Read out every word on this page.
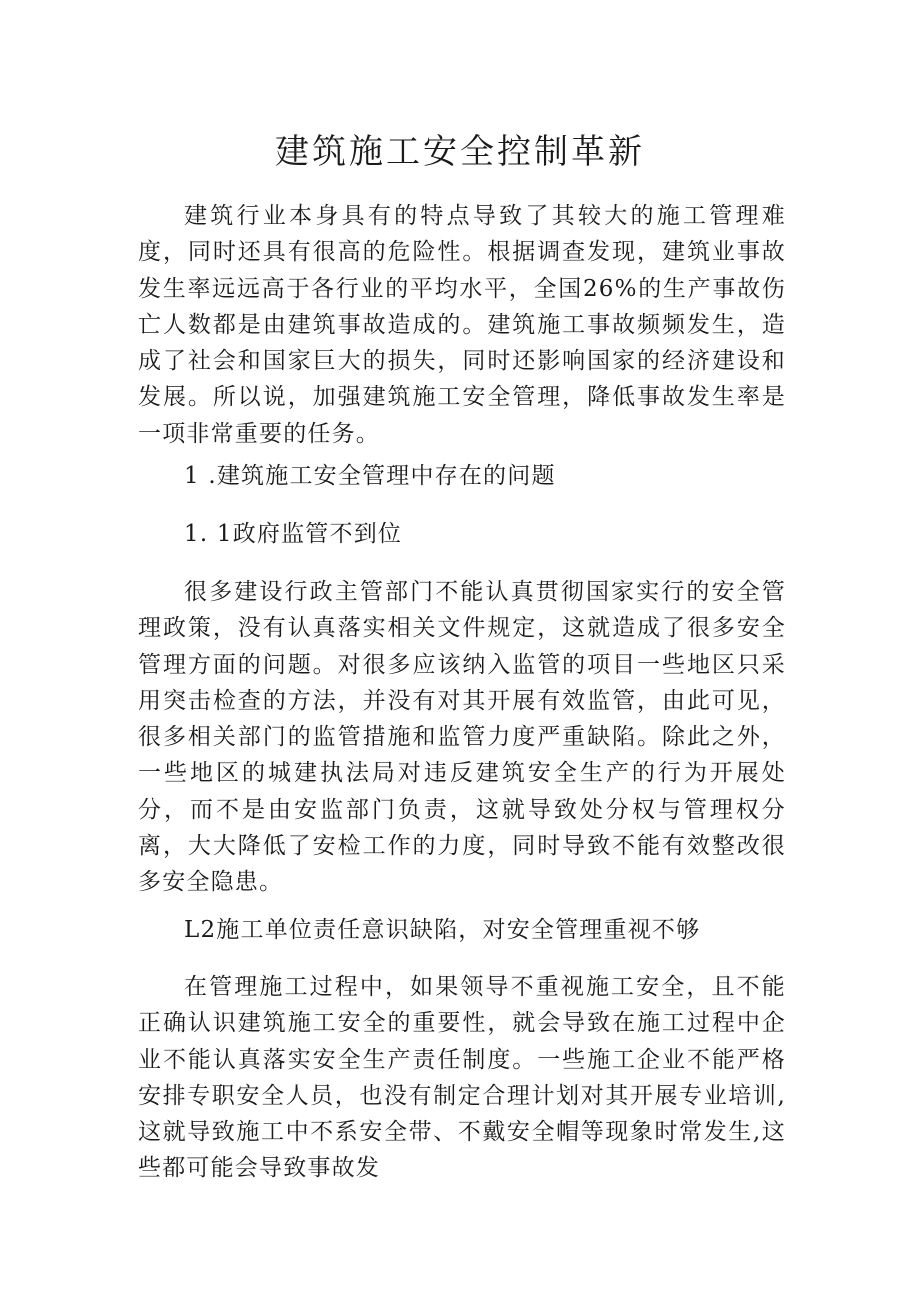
建筑施工安全控制革新

建筑行业本身具有的特点导致了其较大的施工管理难度，同时还具有很高的危险性。根据调查发现，建筑业事故发生率远远高于各行业的平均水平，全国26%的生产事故伤亡人数都是由建筑事故造成的。建筑施工事故频频发生，造成了社会和国家巨大的损失，同时还影响国家的经济建设和发展。所以说，加强建筑施工安全管理，降低事故发生率是一项非常重要的任务。

1 .建筑施工安全管理中存在的问题
1. 1政府监管不到位

很多建设行政主管部门不能认真贯彻国家实行的安全管理政策，没有认真落实相关文件规定，这就造成了很多安全管理方面的问题。对很多应该纳入监管的项目一些地区只采用突击检查的方法，并没有对其开展有效监管，由此可见，很多相关部门的监管措施和监管力度严重缺陷。除此之外，一些地区的城建执法局对违反建筑安全生产的行为开展处分，而不是由安监部门负责，这就导致处分权与管理权分离，大大降低了安检工作的力度，同时导致不能有效整改很多安全隐患。

L2施工单位责任意识缺陷，对安全管理重视不够

在管理施工过程中，如果领导不重视施工安全，且不能正确认识建筑施工安全的重要性，就会导致在施工过程中企业不能认真落实安全生产责任制度。一些施工企业不能严格安排专职安全人员，也没有制定合理计划对其开展专业培训,这就导致施工中不系安全带、不戴安全帽等现象时常发生,这些都可能会导致事故发
